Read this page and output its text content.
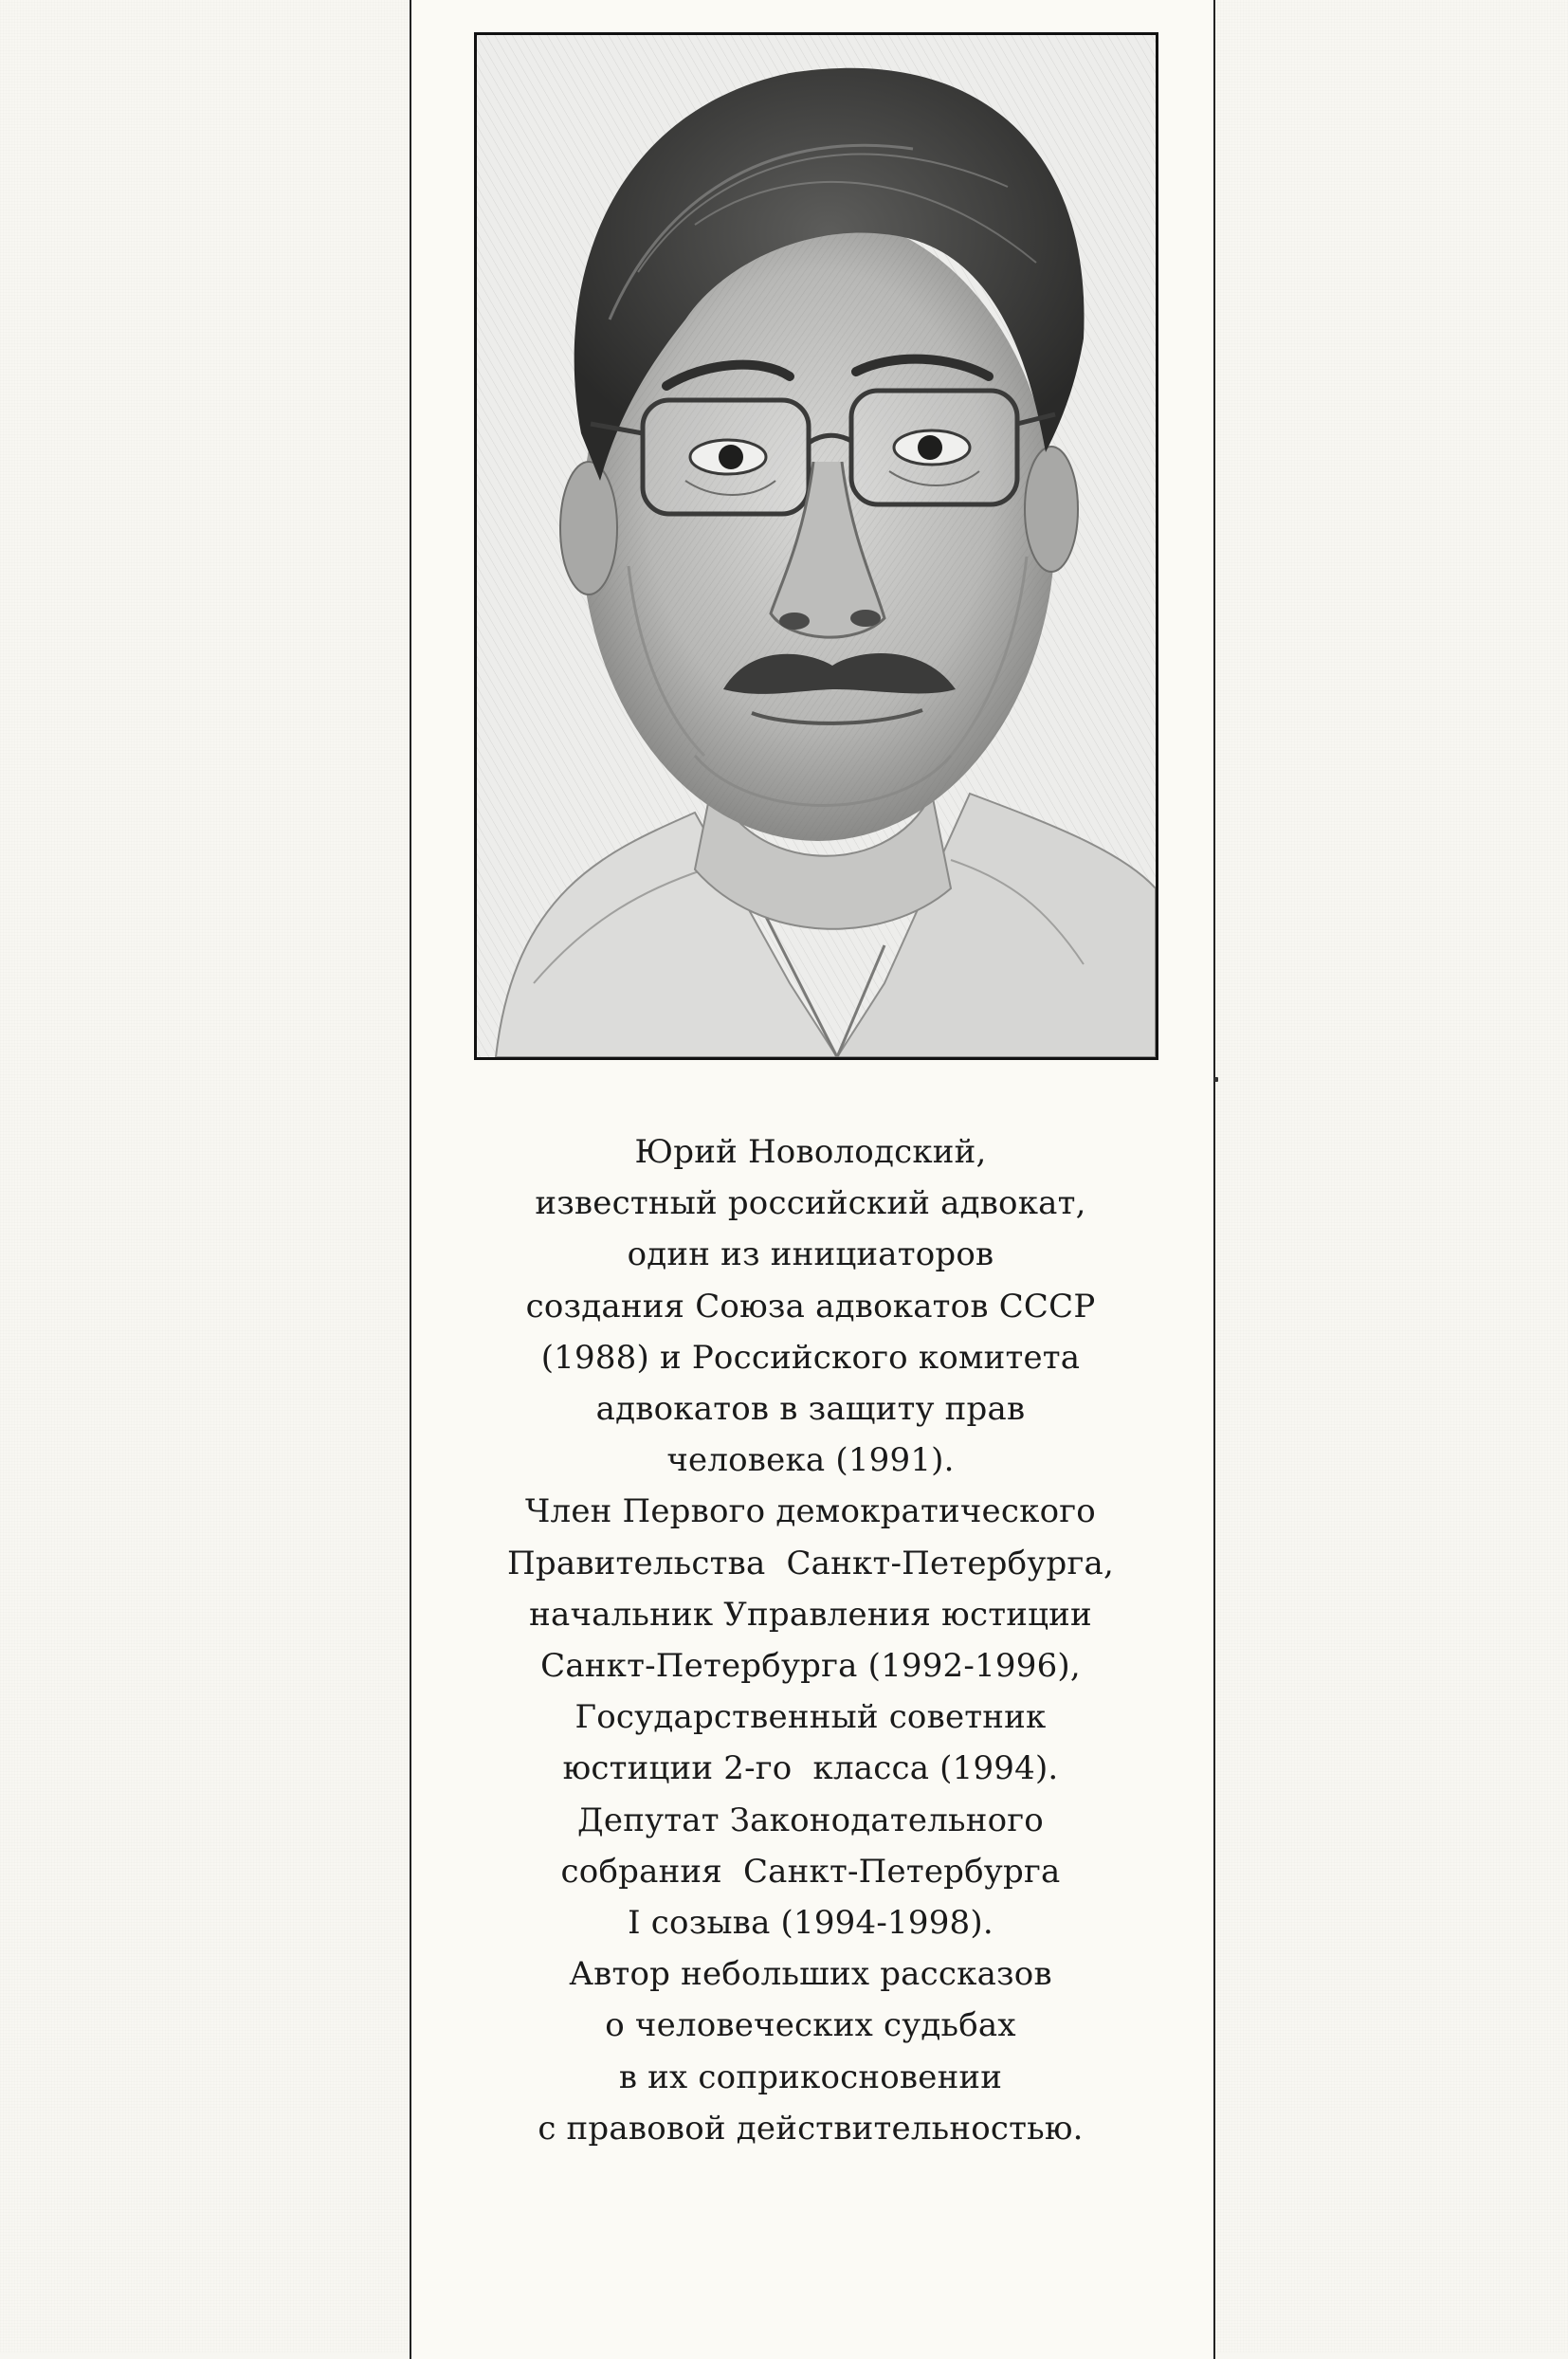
Юрий Новолодский,
известный российский адвокат,
один из инициаторов
создания Союза адвокатов СССР
(1988) и Российского комитета
адвокатов в защиту прав
человека (1991).
Член Первого демократического
Правительства  Санкт-Петербурга,
начальник Управления юстиции
Санкт-Петербурга (1992-1996),
Государственный советник
юстиции 2-го  класса (1994).
Депутат Законодательного
собрания  Санкт-Петербурга
I созыва (1994-1998).
Автор небольших рассказов
о человеческих судьбах
в их соприкосновении
с правовой действительностью.
